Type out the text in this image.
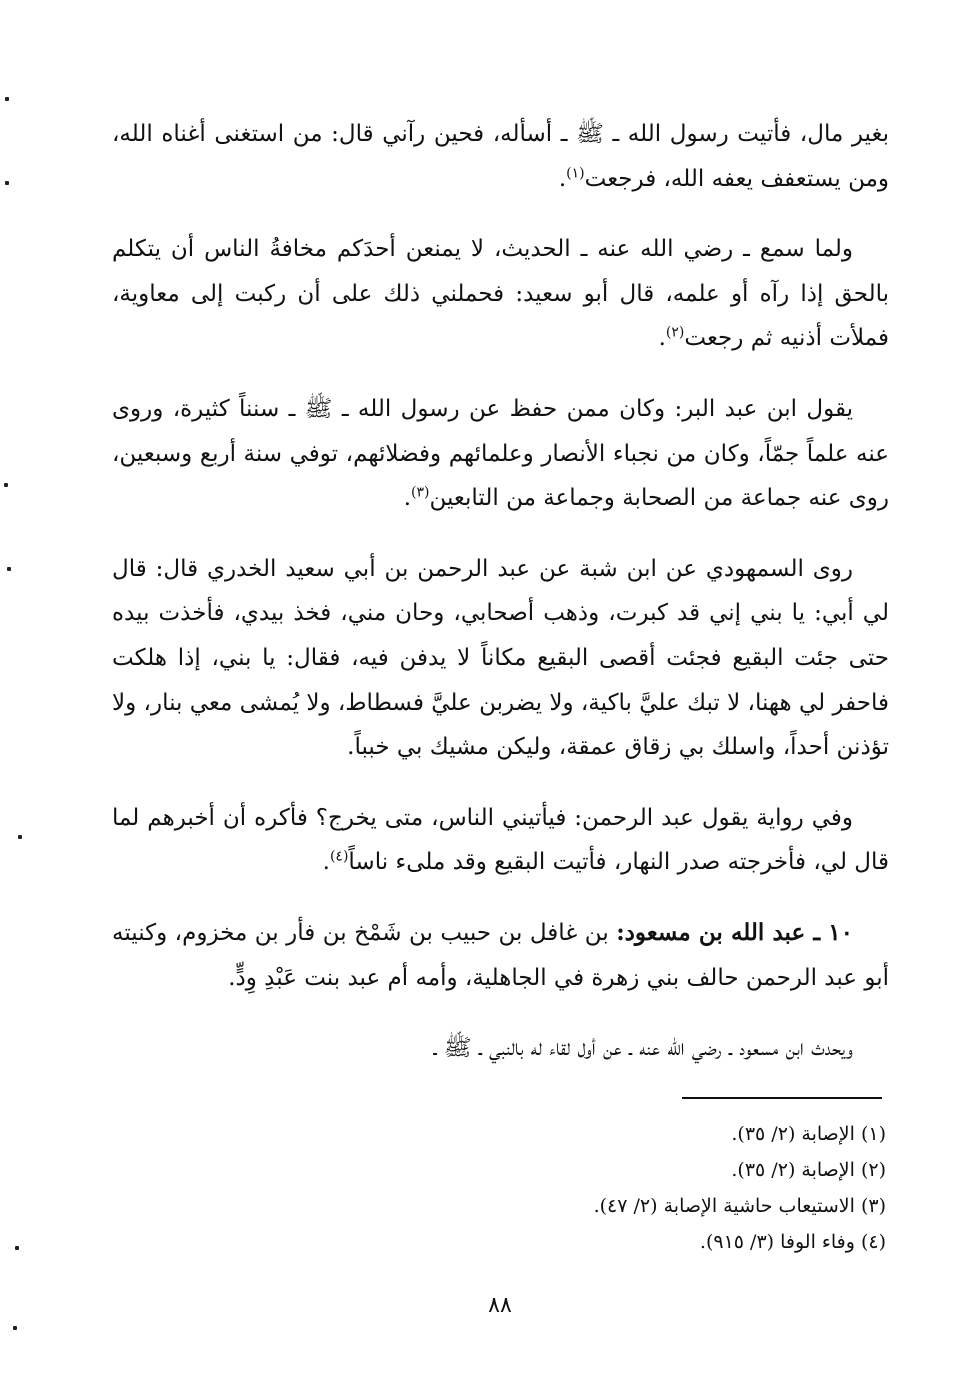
بغير مال، فأتيت رسول الله ـ ﷺ ـ أسأله، فحين رآني قال: من استغنى أغناه الله، ومن يستعفف يعفه الله، فرجعت$^{(١)}$.

ولما سمع ـ رضي الله عنه ـ الحديث، لا يمنعن أحدَكم مخافةُ الناس أن يتكلم بالحق إذا رآه أو علمه، قال أبو سعيد: فحملني ذلك على أن ركبت إلى معاوية، فملأت أذنيه ثم رجعت$^{(٢)}$.

يقول ابن عبد البر: وكان ممن حفظ عن رسول الله ـ ﷺ ـ سنناً كثيرة، وروى عنه علماً جمّاً، وكان من نجباء الأنصار وعلمائهم وفضلائهم، توفي سنة أربع وسبعين، روى عنه جماعة من الصحابة وجماعة من التابعين$^{(٣)}$.

روى السمهودي عن ابن شبة عن عبد الرحمن بن أبي سعيد الخدري قال: قال لي أبي: يا بني إني قد كبرت، وذهب أصحابي، وحان مني، فخذ بيدي، فأخذت بيده حتى جئت البقيع فجئت أقصى البقيع مكاناً لا يدفن فيه، فقال: يا بني، إذا هلكت فاحفر لي ههنا، لا تبك عليَّ باكية، ولا يضربن عليَّ فسطاط، ولا يُمشى معي بنار، ولا تؤذنن أحداً، واسلك بي زقاق عمقة، وليكن مشيك بي خبباً.

وفي رواية يقول عبد الرحمن: فيأتيني الناس، متى يخرج؟ فأكره أن أخبرهم لما قال لي، فأخرجته صدر النهار، فأتيت البقيع وقد ملىء ناساً$^{(٤)}$.

١٠ ـ عبد الله بن مسعود: بن غافل بن حبيب بن شَمْخ بن فأر بن مخزوم، وكنيته أبو عبد الرحمن حالف بني زهرة في الجاهلية، وأمه أم عبد بنت عَبْدِ وِدٍّ.

ويحدث ابن مسعود ـ رضي الله عنه ـ عن أول لقاء له بالنبي ـ ﷺ ـ

(١) الإصابة (٢/ ٣٥).

(٢) الإصابة (٢/ ٣٥).

(٣) الاستيعاب حاشية الإصابة (٢/ ٤٧).

(٤) وفاء الوفا (٣/ ٩١٥).

٨٨
